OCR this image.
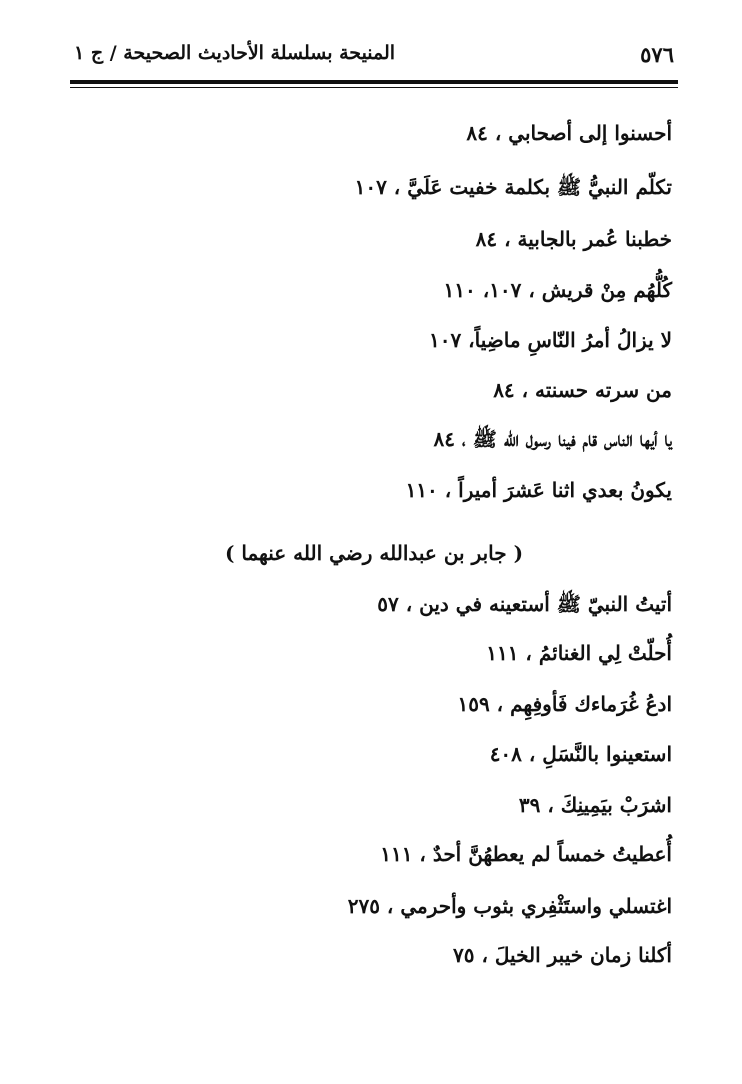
٥٧٦
المنيحة بسلسلة الأحاديث الصحيحة / ج ١
أحسنوا إلى أصحابي ، ٨٤
تكلّم النبيُّ ﷺ بكلمة خفيت عَلَيَّ ، ١٠٧
خطبنا عُمر بالجابية ، ٨٤
كُلُّهُم مِنْ قريش ، ١٠٧، ١١٠
لا يزالُ أمرُ النّاسِ ماضِياً، ١٠٧
من سرته حسنته ، ٨٤
يا أيها الناس قام فينا رسول الله ﷺ ، ٨٤
يكونُ بعدي اثنا عَشرَ أميراً ، ١١٠
( جابر بن عبدالله رضي الله عنهما )
أتيتُ النبيّ ﷺ أستعينه في دين ، ٥٧
أُحلّتْ لِي الغنائمُ ، ١١١
ادعُ غُرَماءك فَأوفِهِم ، ١٥٩
استعينوا بالنَّسَلِ ، ٤٠٨
اشرَبْ بيَمِينِكَ ، ٣٩
أُعطيتُ خمساً لم يعطهُنَّ أحدٌ ، ١١١
اغتسلي واستَثْفِري بثوب وأحرمي ، ٢٧٥
أكلنا زمان خيبر الخيلَ ، ٧٥
